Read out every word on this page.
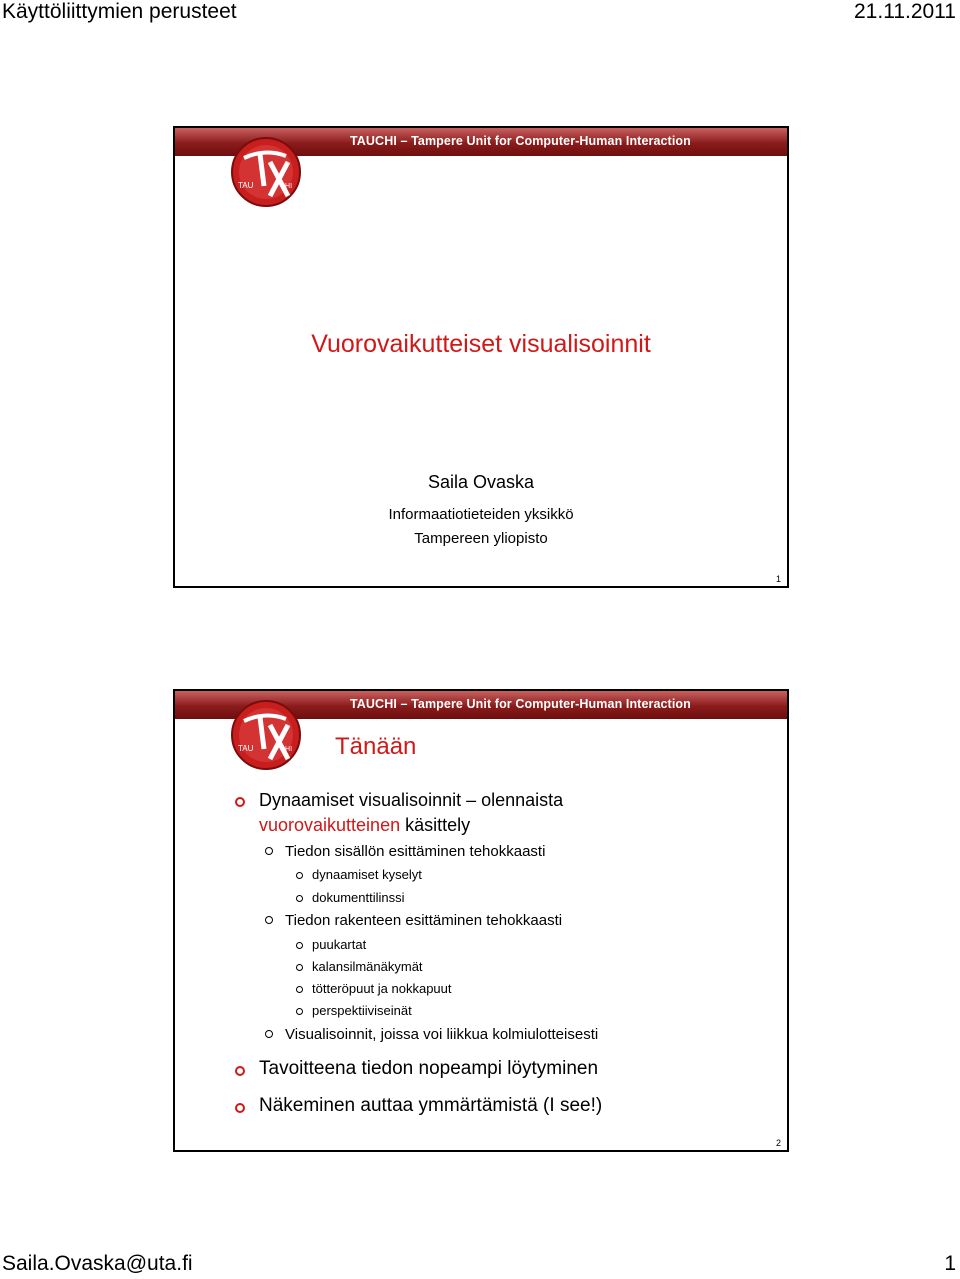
Käyttöliittymien perusteet	21.11.2011
TAUCHI – Tampere Unit for Computer-Human Interaction
TAU	CHI
Vuorovaikutteiset visualisoinnit
Saila Ovaska
Informaatiotieteiden yksikkö
Tampereen yliopisto
1
TAUCHI – Tampere Unit for Computer-Human Interaction
TAU	CHI Tänään
Dynaamiset visualisoinnit – olennaista
vuorovaikutteinen käsittely
Tiedon sisällön esittäminen tehokkaasti
dynaamiset kyselyt
dokumenttilinssi
Tiedon rakenteen esittäminen tehokkaasti
puukartat
kalansilmänäkymät
tötteröpuut ja nokkapuut
perspektiiviseinät
Visualisoinnit, joissa voi liikkua kolmiulotteisesti
Tavoitteena tiedon nopeampi löytyminen
Näkeminen auttaa ymmärtämistä (I see!)
2
Saila.Ovaska@uta.fi	1
